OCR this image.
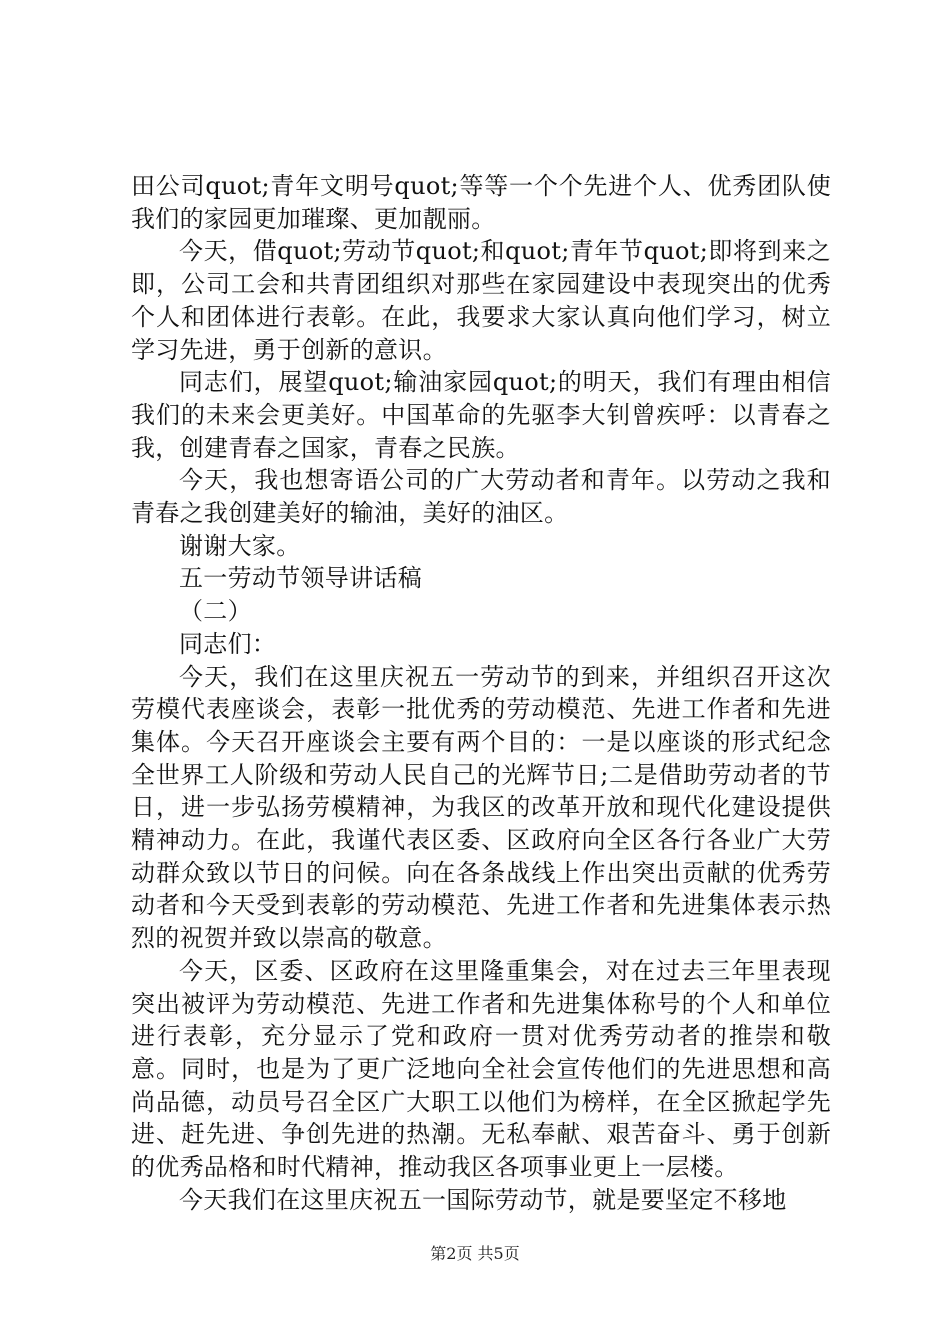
田公司quot;青年文明号quot;等等一个个先进个人、优秀团队使我们的家园更加璀璨、更加靓丽。

今天，借quot;劳动节quot;和quot;青年节quot;即将到来之即，公司工会和共青团组织对那些在家园建设中表现突出的优秀个人和团体进行表彰。在此，我要求大家认真向他们学习，树立学习先进，勇于创新的意识。

同志们，展望quot;输油家园quot;的明天，我们有理由相信我们的未来会更美好。中国革命的先驱李大钊曾疾呼：以青春之我，创建青春之国家，青春之民族。

今天，我也想寄语公司的广大劳动者和青年。以劳动之我和青春之我创建美好的输油，美好的油区。

谢谢大家。

五一劳动节领导讲话稿

（二）

同志们：

今天，我们在这里庆祝五一劳动节的到来，并组织召开这次劳模代表座谈会，表彰一批优秀的劳动模范、先进工作者和先进集体。今天召开座谈会主要有两个目的：一是以座谈的形式纪念全世界工人阶级和劳动人民自己的光辉节日;二是借助劳动者的节日，进一步弘扬劳模精神，为我区的改革开放和现代化建设提供精神动力。在此，我谨代表区委、区政府向全区各行各业广大劳动群众致以节日的问候。向在各条战线上作出突出贡献的优秀劳动者和今天受到表彰的劳动模范、先进工作者和先进集体表示热烈的祝贺并致以崇高的敬意。

今天，区委、区政府在这里隆重集会，对在过去三年里表现突出被评为劳动模范、先进工作者和先进集体称号的个人和单位进行表彰，充分显示了党和政府一贯对优秀劳动者的推崇和敬意。同时，也是为了更广泛地向全社会宣传他们的先进思想和高尚品德，动员号召全区广大职工以他们为榜样，在全区掀起学先进、赶先进、争创先进的热潮。无私奉献、艰苦奋斗、勇于创新的优秀品格和时代精神，推动我区各项事业更上一层楼。

今天我们在这里庆祝五一国际劳动节，就是要坚定不移地

第2页 共5页
